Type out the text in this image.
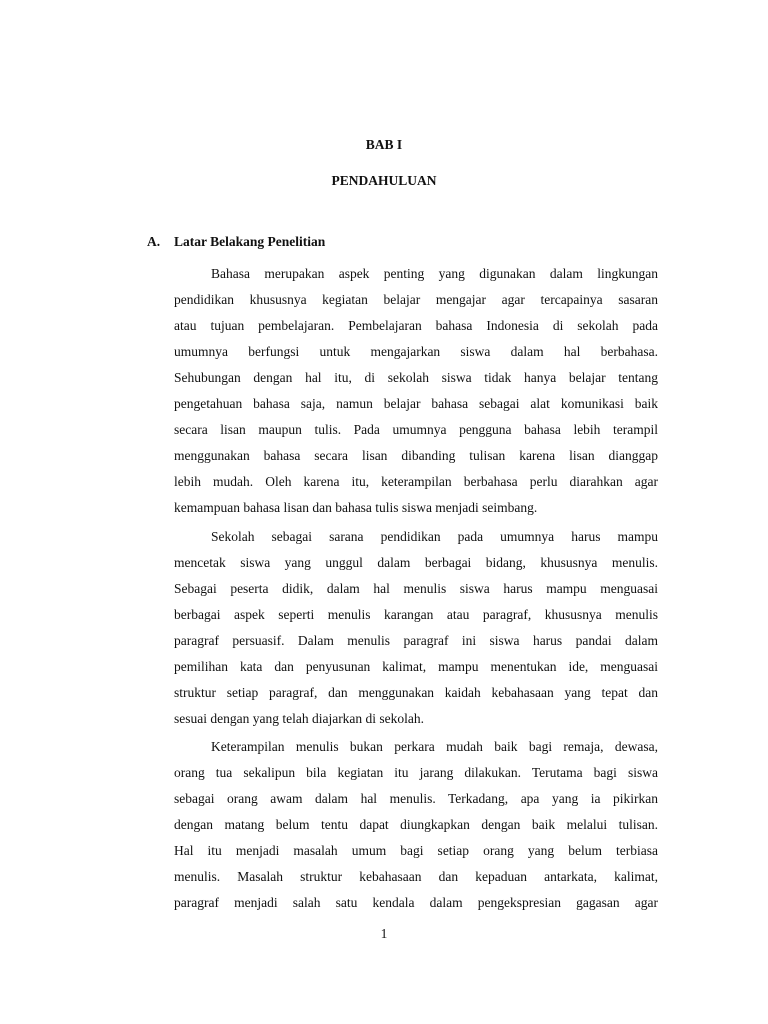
BAB I
PENDAHULUAN
A. Latar Belakang Penelitian
Bahasa merupakan aspek penting yang digunakan dalam lingkungan
pendidikan khususnya kegiatan belajar mengajar agar tercapainya sasaran
atau tujuan pembelajaran. Pembelajaran bahasa Indonesia di sekolah pada
umumnya berfungsi untuk mengajarkan siswa dalam hal berbahasa.
Sehubungan dengan hal itu, di sekolah siswa tidak hanya belajar tentang
pengetahuan bahasa saja, namun belajar bahasa sebagai alat komunikasi baik
secara lisan maupun tulis. Pada umumnya pengguna bahasa lebih terampil
menggunakan bahasa secara lisan dibanding tulisan karena lisan dianggap
lebih mudah. Oleh karena itu, keterampilan berbahasa perlu diarahkan agar
kemampuan bahasa lisan dan bahasa tulis siswa menjadi seimbang.
Sekolah sebagai sarana pendidikan pada umumnya harus mampu
mencetak siswa yang unggul dalam berbagai bidang, khususnya menulis.
Sebagai peserta didik, dalam hal menulis siswa harus mampu menguasai
berbagai aspek seperti menulis karangan atau paragraf, khususnya menulis
paragraf persuasif. Dalam menulis paragraf ini siswa harus pandai dalam
pemilihan kata dan penyusunan kalimat, mampu menentukan ide, menguasai
struktur setiap paragraf, dan menggunakan kaidah kebahasaan yang tepat dan
sesuai dengan yang telah diajarkan di sekolah.
Keterampilan menulis bukan perkara mudah baik bagi remaja, dewasa,
orang tua sekalipun bila kegiatan itu jarang dilakukan. Terutama bagi siswa
sebagai orang awam dalam hal menulis. Terkadang, apa yang ia pikirkan
dengan matang belum tentu dapat diungkapkan dengan baik melalui tulisan.
Hal itu menjadi masalah umum bagi setiap orang yang belum terbiasa
menulis. Masalah struktur kebahasaan dan kepaduan antarkata, kalimat,
paragraf menjadi salah satu kendala dalam pengekspresian gagasan agar
1
